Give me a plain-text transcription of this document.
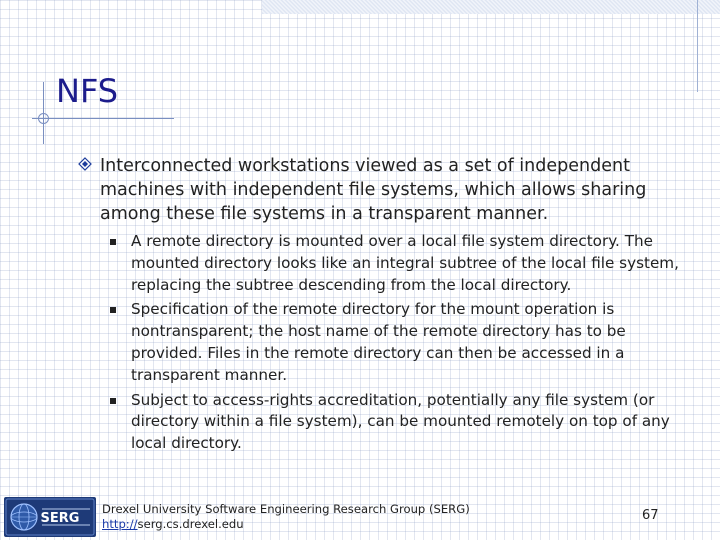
NFS

Interconnected workstations viewed as a set of independent machines with independent file systems, which allows sharing among these file systems in a transparent manner.

A remote directory is mounted over a local file system directory. The mounted directory looks like an integral subtree of the local file system, replacing the subtree descending from the local directory.
Specification of the remote directory for the mount operation is nontransparent; the host name of the remote directory has to be provided. Files in the remote directory can then be accessed in a transparent manner.
Subject to access-rights accreditation, potentially any file system (or directory within a file system), can be mounted remotely on top of any local directory.
SERG
Drexel University Software Engineering Research Group (SERG)
http://serg.cs.drexel.edu
67
